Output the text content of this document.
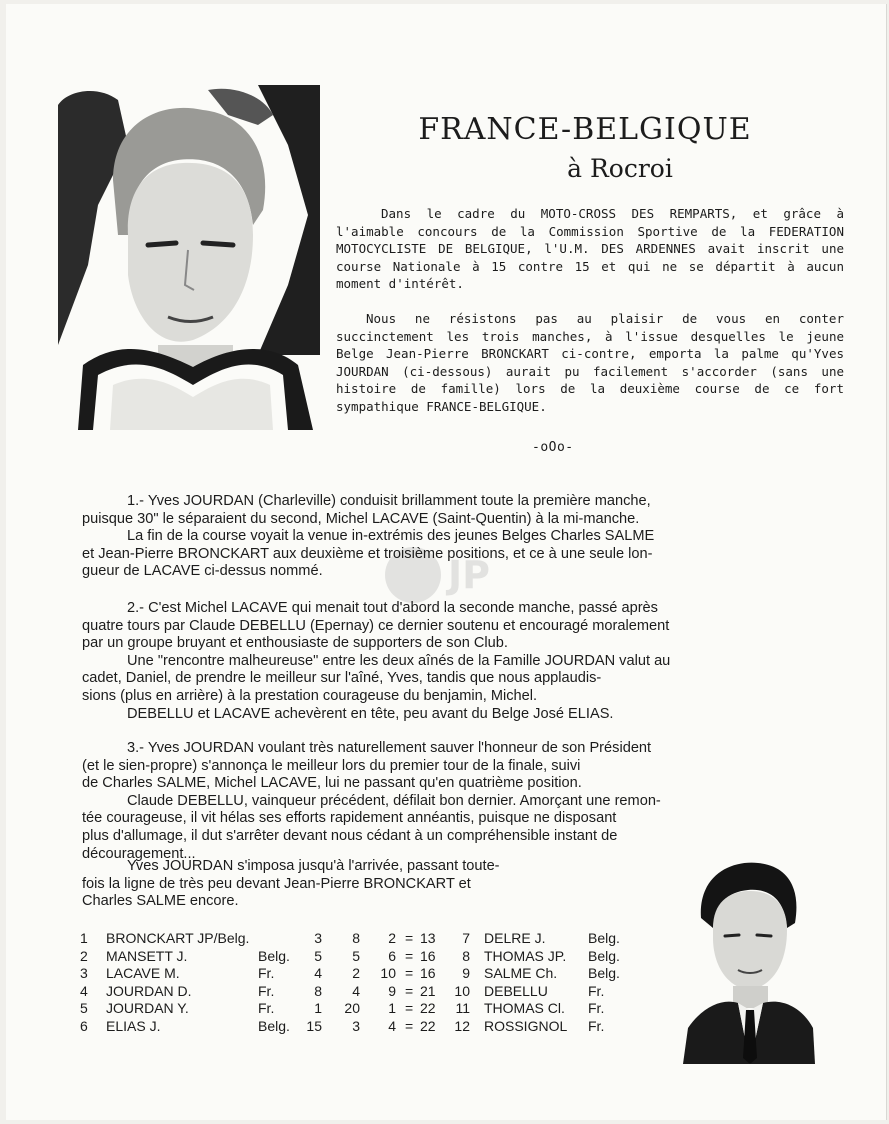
FRANCE-BELGIQUE
à Rocroi

Dans le cadre du MOTO-CROSS DES REMPARTS, et grâce à l'aimable concours de la Commission Sportive de la FEDERATION MOTOCYCLISTE DE BELGIQUE, l'U.M. DES ARDENNES avait inscrit une course Nationale à 15 contre 15 et qui ne se départit à aucun moment d'intérêt.

Nous ne résistons pas au plaisir de vous en conter succinctement les trois manches, à l'issue desquelles le jeune Belge Jean-Pierre BRONCKART ci-contre, emporta la palme qu'Yves JOURDAN (ci-dessous) aurait pu facilement s'accorder (sans une histoire de famille) lors de la deuxième course de ce fort sympathique FRANCE-BELGIQUE.

-oOo-
JP
1.- Yves JOURDAN (Charleville) conduisit brillamment toute la première manche,
puisque 30" le séparaient du second, Michel LACAVE (Saint-Quentin) à la mi-manche.
La fin de la course voyait la venue in-extrémis des jeunes Belges Charles SALME
et Jean-Pierre BRONCKART aux deuxième et troisième positions, et ce à une seule lon-
gueur de LACAVE ci-dessus nommé.
2.- C'est Michel LACAVE qui menait tout d'abord la seconde manche, passé après
quatre tours par Claude DEBELLU (Epernay) ce dernier soutenu et encouragé moralement
par un groupe bruyant et enthousiaste de supporters de son Club.
Une "rencontre malheureuse" entre les deux aînés de la Famille JOURDAN valut au
cadet, Daniel, de prendre le meilleur sur l'aîné, Yves, tandis que nous applaudis-
sions (plus en arrière) à la prestation courageuse du benjamin, Michel.
DEBELLU et LACAVE achevèrent en tête, peu avant du Belge José ELIAS.
3.- Yves JOURDAN voulant très naturellement sauver l'honneur de son Président
(et le sien-propre) s'annonça le meilleur lors du premier tour de la finale, suivi
de Charles SALME, Michel LACAVE, lui ne passant qu'en quatrième position.
Claude DEBELLU, vainqueur précédent, défilait bon dernier. Amorçant une remon-
tée courageuse, il vit hélas ses efforts rapidement annéantis, puisque ne disposant
plus d'allumage, il dut s'arrêter devant nous cédant à un compréhensible instant de
découragement...
Yves JOURDAN s'imposa jusqu'à l'arrivée, passant toute-
fois la ligne de très peu devant Jean-Pierre BRONCKART et
Charles SALME encore.
1 BRONCKART JP/Belg.	3	8	2 = 13	7 DELRE J.	Belg.
2 MANSETT J.	Belg.	5	5	6 = 16	8 THOMAS JP. Belg.
3 LACAVE M.	Fr.	4	2	10 = 16	9 SALME Ch. Belg.
4 JOURDAN D.	Fr.	8	4	9 = 21	10 DEBELLU	Fr.
5 JOURDAN Y.	Fr.	1	20	1 = 22	11 THOMAS Cl. Fr.
6 ELIAS J.	Belg.	15	3	4 = 22	12 ROSSIGNOL Fr.
